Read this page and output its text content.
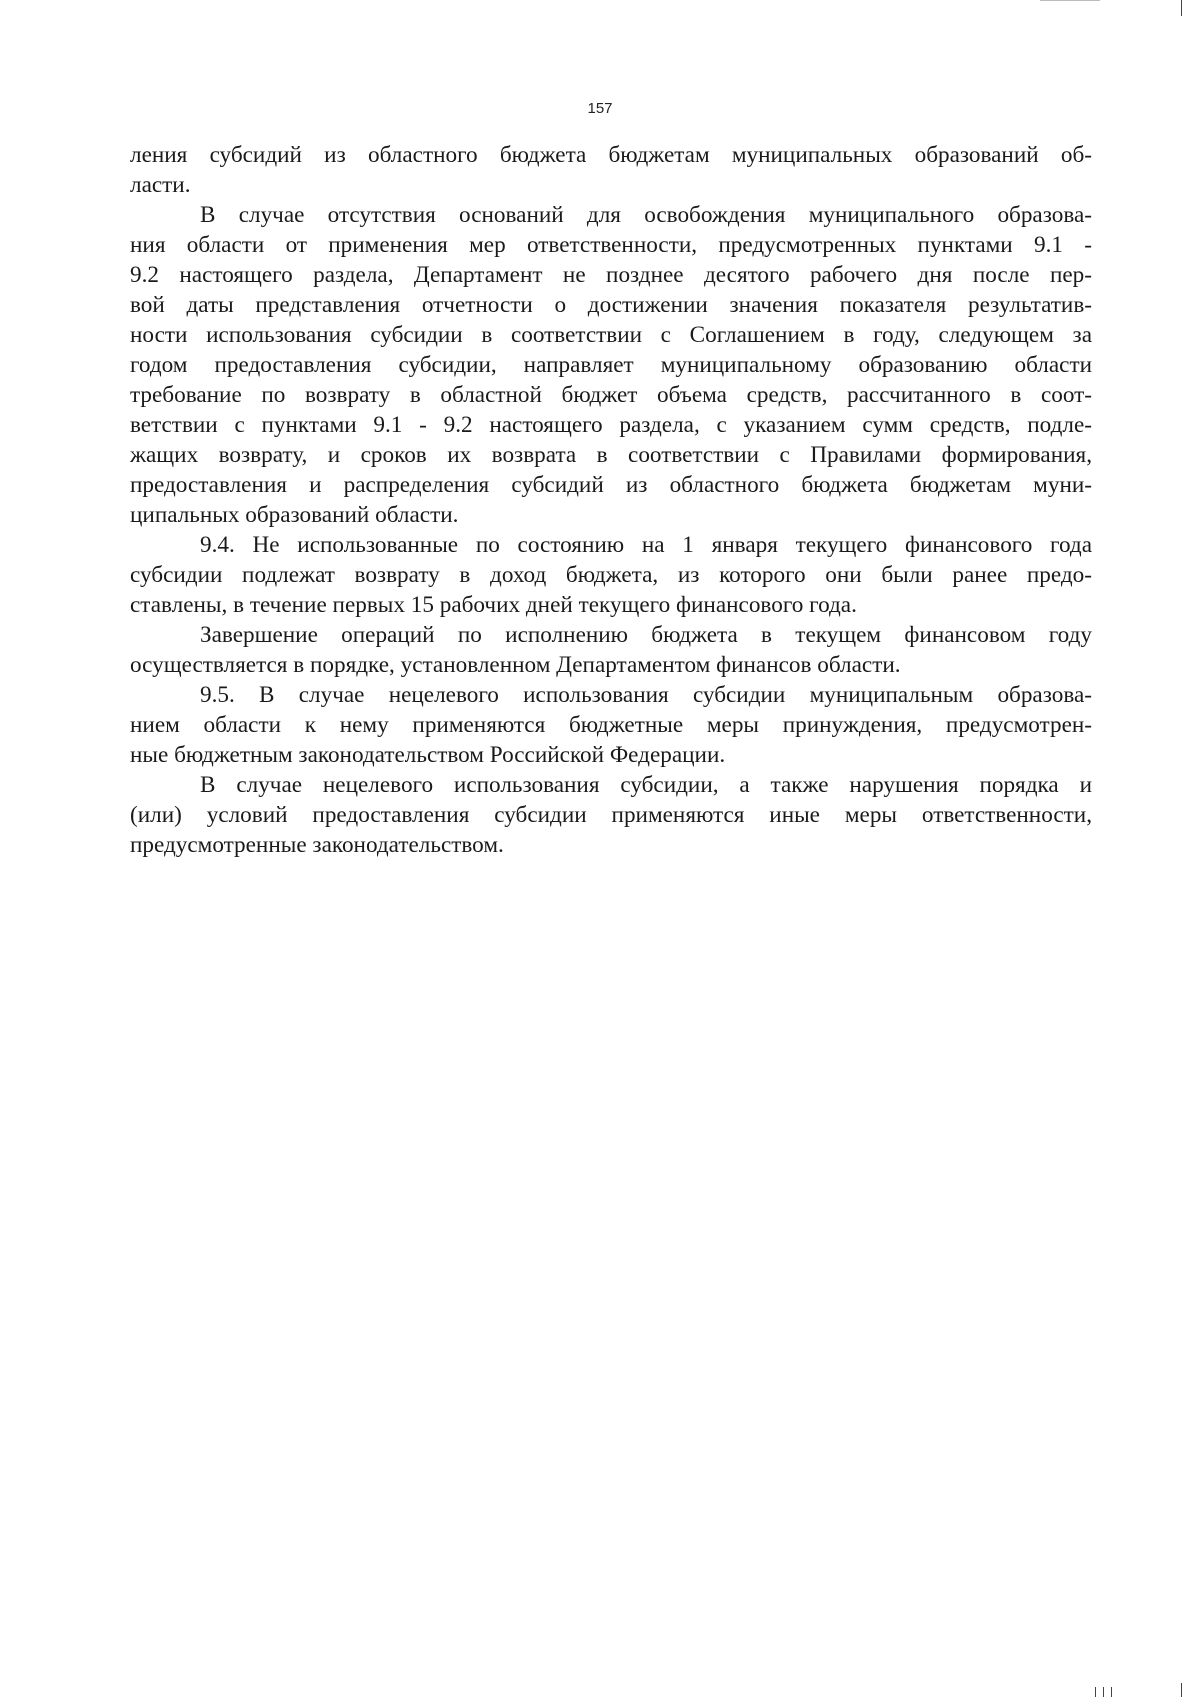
157
ления субсидий из областного бюджета бюджетам муниципальных образований об-
ласти.
В случае отсутствия оснований для освобождения муниципального образова-
ния области от применения мер ответственности, предусмотренных пунктами 9.1 -
9.2 настоящего раздела, Департамент не позднее десятого рабочего дня после пер-
вой даты представления отчетности о достижении значения показателя результатив-
ности использования субсидии в соответствии с Соглашением в году, следующем за
годом предоставления субсидии, направляет муниципальному образованию области
требование по возврату в областной бюджет объема средств, рассчитанного в соот-
ветствии с пунктами 9.1 - 9.2 настоящего раздела, с указанием сумм средств, подле-
жащих возврату, и сроков их возврата в соответствии с Правилами формирования,
предоставления и распределения субсидий из областного бюджета бюджетам муни-
ципальных образований области.
9.4. Не использованные по состоянию на 1 января текущего финансового года
субсидии подлежат возврату в доход бюджета, из которого они были ранее предо-
ставлены, в течение первых 15 рабочих дней текущего финансового года.
Завершение операций по исполнению бюджета в текущем финансовом году
осуществляется в порядке, установленном Департаментом финансов области.
9.5. В случае нецелевого использования субсидии муниципальным образова-
нием области к нему применяются бюджетные меры принуждения, предусмотрен-
ные бюджетным законодательством Российской Федерации.
В случае нецелевого использования субсидии, а также нарушения порядка и
(или) условий предоставления субсидии применяются иные меры ответственности,
предусмотренные законодательством.
